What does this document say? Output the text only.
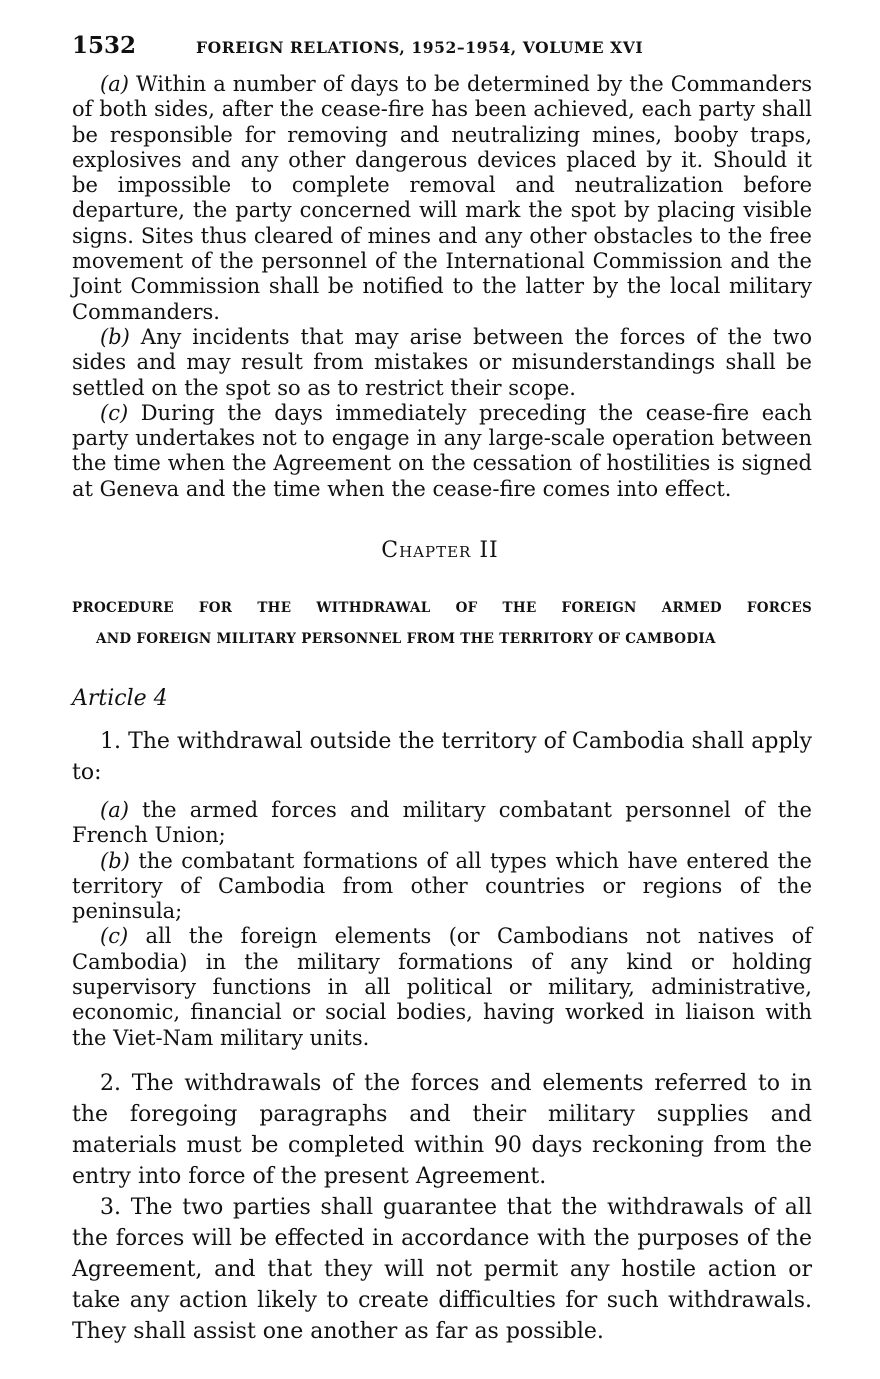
1532	FOREIGN RELATIONS, 1952–1954, VOLUME XVI

(a) Within a number of days to be determined by the Commanders of both sides, after the cease-fire has been achieved, each party shall be responsible for removing and neutralizing mines, booby traps, explosives and any other dangerous devices placed by it. Should it be impossible to complete removal and neutralization before departure, the party concerned will mark the spot by placing visible signs. Sites thus cleared of mines and any other obstacles to the free movement of the personnel of the International Commission and the Joint Commission shall be notified to the latter by the local military Commanders.

(b) Any incidents that may arise between the forces of the two sides and may result from mistakes or misunderstandings shall be settled on the spot so as to restrict their scope.

(c) During the days immediately preceding the cease-fire each party undertakes not to engage in any large-scale operation between the time when the Agreement on the cessation of hostilities is signed at Geneva and the time when the cease-fire comes into effect.

Chapter II
PROCEDURE FOR THE WITHDRAWAL OF THE FOREIGN ARMED FORCES
AND FOREIGN MILITARY PERSONNEL FROM THE TERRITORY OF CAMBODIA
Article 4

1. The withdrawal outside the territory of Cambodia shall apply to:

(a) the armed forces and military combatant personnel of the French Union;

(b) the combatant formations of all types which have entered the territory of Cambodia from other countries or regions of the peninsula;

(c) all the foreign elements (or Cambodians not natives of Cambodia) in the military formations of any kind or holding supervisory functions in all political or military, administrative, economic, financial or social bodies, having worked in liaison with the Viet-Nam military units.

2. The withdrawals of the forces and elements referred to in the foregoing paragraphs and their military supplies and materials must be completed within 90 days reckoning from the entry into force of the present Agreement.

3. The two parties shall guarantee that the withdrawals of all the forces will be effected in accordance with the purposes of the Agreement, and that they will not permit any hostile action or take any action likely to create difficulties for such withdrawals. They shall assist one another as far as possible.
